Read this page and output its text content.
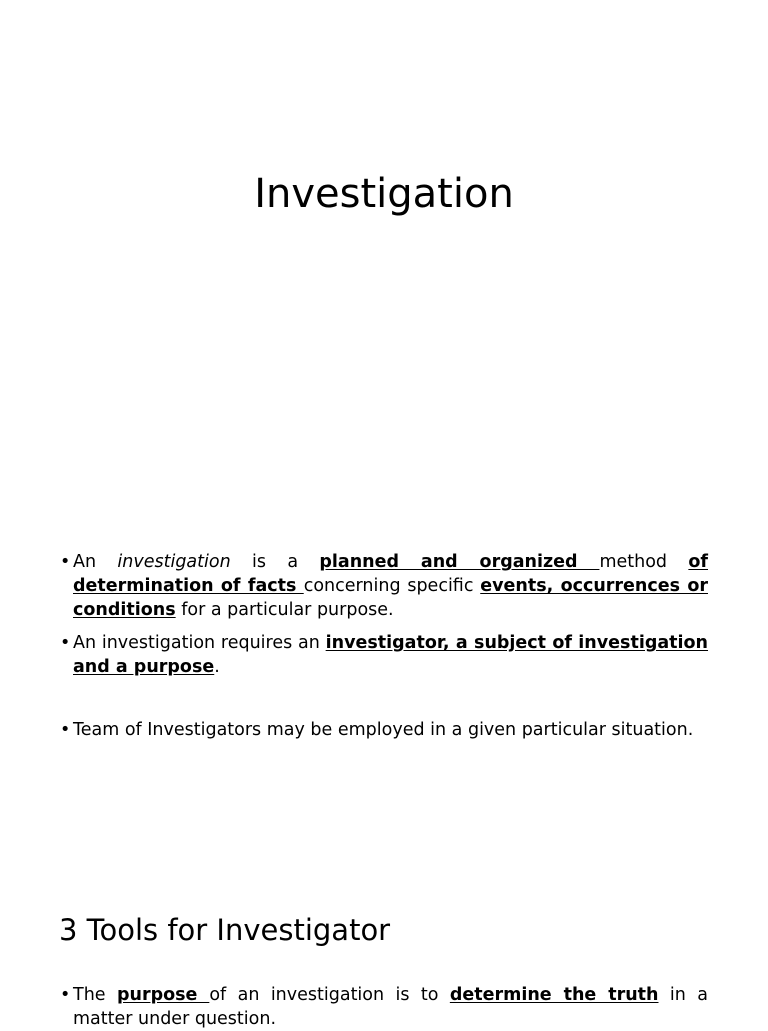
Investigation
• An investigation is a planned and organized method of determination of facts concerning specific events, occurrences or conditions for a particular purpose.
• An investigation requires an investigator, a subject of investigation and a purpose.
• Team of Investigators may be employed in a given particular situation.
3 Tools for Investigator
• The purpose of an investigation is to determine the truth in a matter under question.
